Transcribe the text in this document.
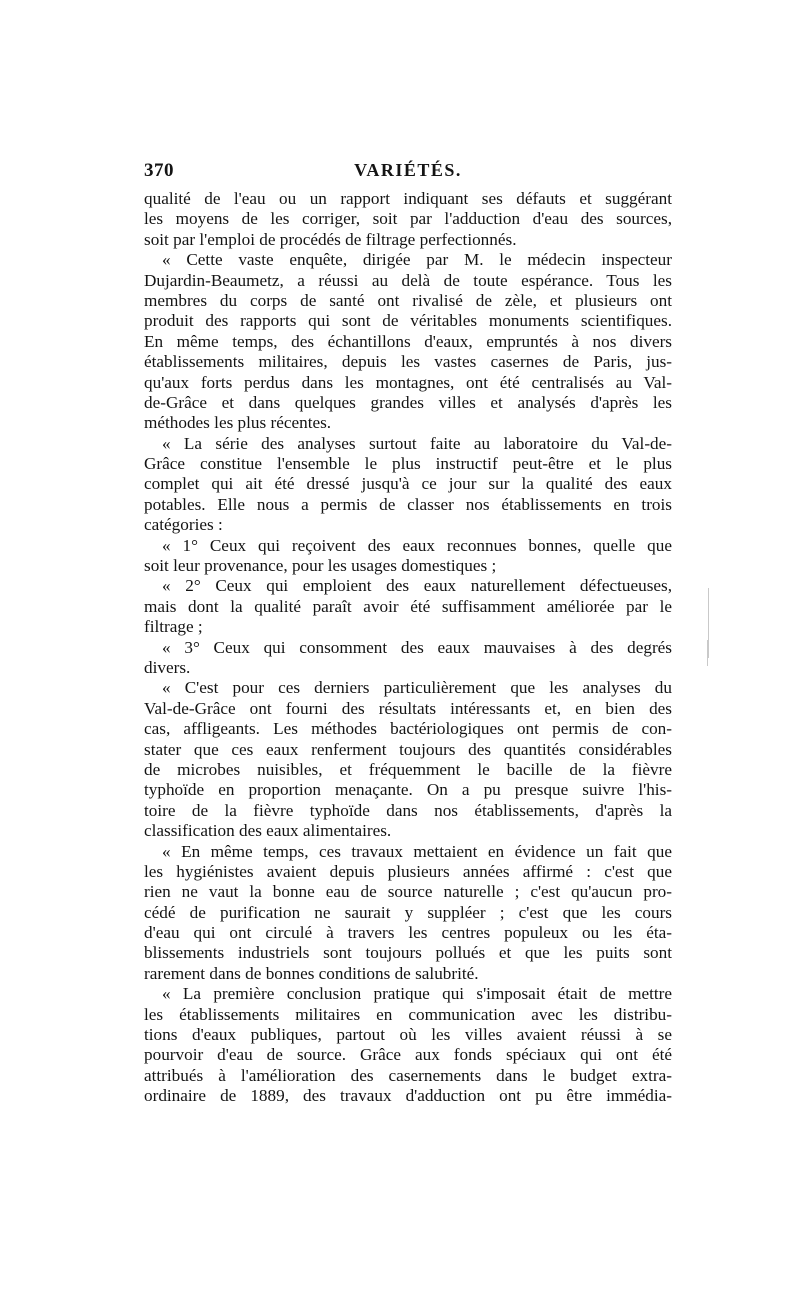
370	VARIÉTÉS.
qualité de l'eau ou un rapport indiquant ses défauts et suggérant
les moyens de les corriger, soit par l'adduction d'eau des sources,
soit par l'emploi de procédés de filtrage perfectionnés.
« Cette vaste enquête, dirigée par M. le médecin inspecteur
Dujardin-Beaumetz, a réussi au delà de toute espérance. Tous les
membres du corps de santé ont rivalisé de zèle, et plusieurs ont
produit des rapports qui sont de véritables monuments scientifiques.
En même temps, des échantillons d'eaux, empruntés à nos divers
établissements militaires, depuis les vastes casernes de Paris, jus-
qu'aux forts perdus dans les montagnes, ont été centralisés au Val-
de-Grâce et dans quelques grandes villes et analysés d'après les
méthodes les plus récentes.
« La série des analyses surtout faite au laboratoire du Val-de-
Grâce constitue l'ensemble le plus instructif peut-être et le plus
complet qui ait été dressé jusqu'à ce jour sur la qualité des eaux
potables. Elle nous a permis de classer nos établissements en trois
catégories :
« 1° Ceux qui reçoivent des eaux reconnues bonnes, quelle que
soit leur provenance, pour les usages domestiques ;
« 2° Ceux qui emploient des eaux naturellement défectueuses,
mais dont la qualité paraît avoir été suffisamment améliorée par le
filtrage ;
« 3° Ceux qui consomment des eaux mauvaises à des degrés
divers.
« C'est pour ces derniers particulièrement que les analyses du
Val-de-Grâce ont fourni des résultats intéressants et, en bien des
cas, affligeants. Les méthodes bactériologiques ont permis de con-
stater que ces eaux renferment toujours des quantités considérables
de microbes nuisibles, et fréquemment le bacille de la fièvre
typhoïde en proportion menaçante. On a pu presque suivre l'his-
toire de la fièvre typhoïde dans nos établissements, d'après la
classification des eaux alimentaires.
« En même temps, ces travaux mettaient en évidence un fait que
les hygiénistes avaient depuis plusieurs années affirmé : c'est que
rien ne vaut la bonne eau de source naturelle ; c'est qu'aucun pro-
cédé de purification ne saurait y suppléer ; c'est que les cours
d'eau qui ont circulé à travers les centres populeux ou les éta-
blissements industriels sont toujours pollués et que les puits sont
rarement dans de bonnes conditions de salubrité.
« La première conclusion pratique qui s'imposait était de mettre
les établissements militaires en communication avec les distribu-
tions d'eaux publiques, partout où les villes avaient réussi à se
pourvoir d'eau de source. Grâce aux fonds spéciaux qui ont été
attribués à l'amélioration des casernements dans le budget extra-
ordinaire de 1889, des travaux d'adduction ont pu être immédia-
